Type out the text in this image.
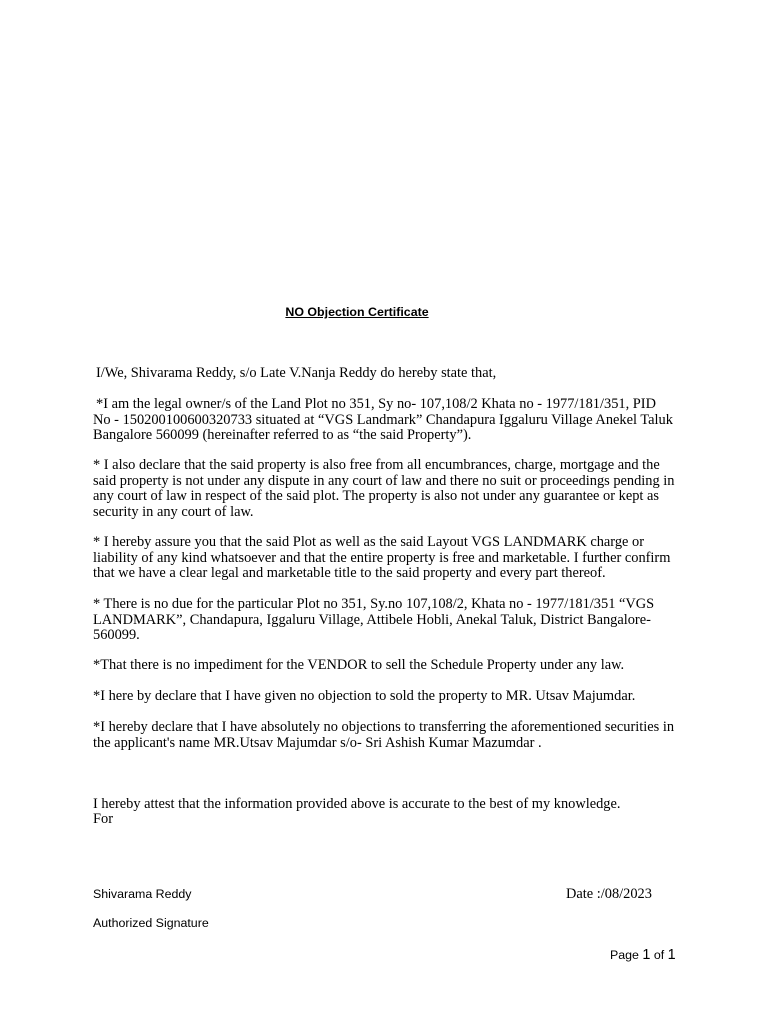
NO Objection Certificate

I/We, Shivarama Reddy, s/o Late V.Nanja Reddy do hereby state that,

*I am the legal owner/s of the Land Plot no 351, Sy no- 107,108/2 Khata no - 1977/181/351, PID No - 150200100600320733 situated at “VGS Landmark” Chandapura Iggaluru Village Anekel Taluk Bangalore 560099 (hereinafter referred to as “the said Property”).

* I also declare that the said property is also free from all encumbrances, charge, mortgage and the said property is not under any dispute in any court of law and there no suit or proceedings pending in any court of law in respect of the said plot. The property is also not under any guarantee or kept as security in any court of law.

* I hereby assure you that the said Plot as well as the said Layout VGS LANDMARK charge or liability of any kind whatsoever and that the entire property is free and marketable. I further confirm that we have a clear legal and marketable title to the said property and every part thereof.

* There is no due for the particular Plot no 351, Sy.no 107,108/2, Khata no - 1977/181/351 “VGS LANDMARK”, Chandapura, Iggaluru Village, Attibele Hobli, Anekal Taluk, District Bangalore-560099.

*That there is no impediment for the VENDOR to sell the Schedule Property under any law.

*I here by declare that I have given no objection to sold the property to MR. Utsav Majumdar.

*I hereby declare that I have absolutely no objections to transferring the aforementioned securities in the applicant's name MR.Utsav Majumdar s/o- Sri Ashish Kumar Mazumdar .

I hereby attest that the information provided above is accurate to the best of my knowledge.

For

Shivarama Reddy	Date :/08/2023
Authorized Signature
Page 1 of 1
